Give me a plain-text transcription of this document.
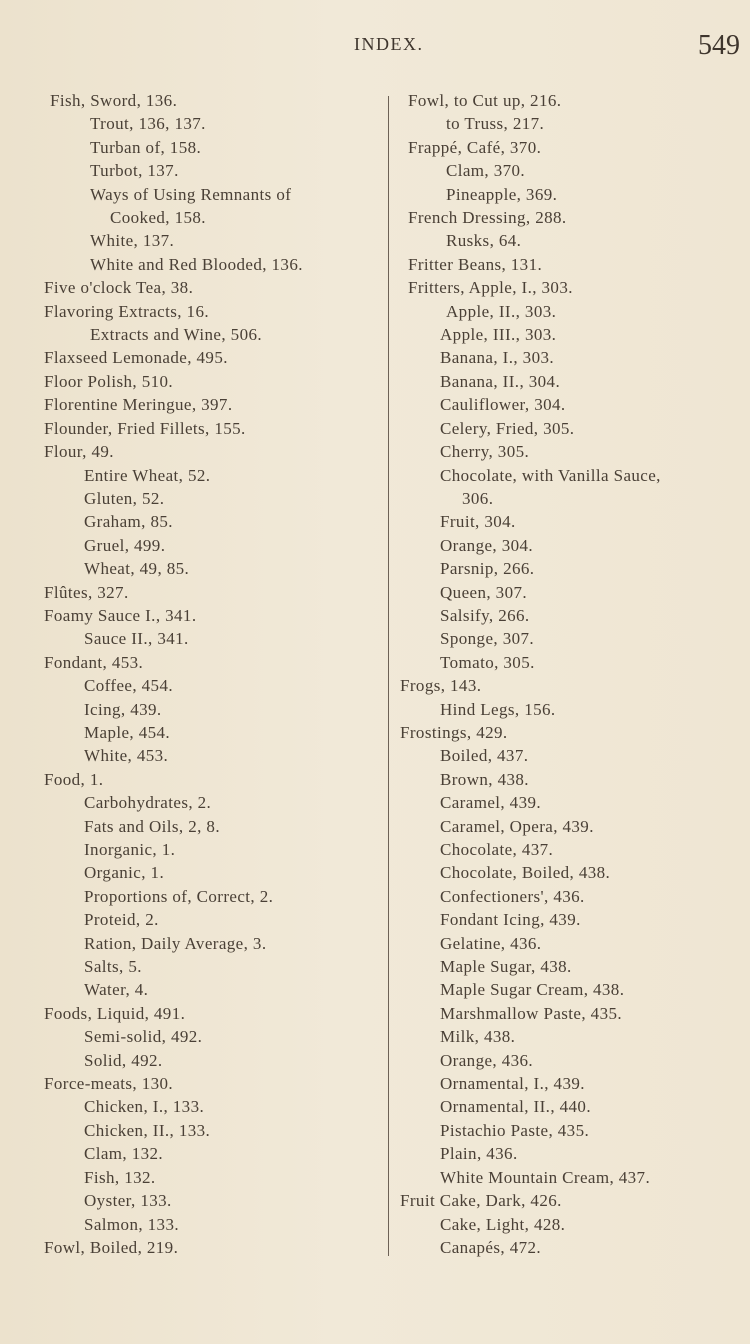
INDEX.	549
Fish, Sword, 136.
Trout, 136, 137.
Turban of, 158.
Turbot, 137.
Ways of Using Remnants of
Cooked, 158.
White, 137.
White and Red Blooded, 136.
Five o'clock Tea, 38.
Flavoring Extracts, 16.
Extracts and Wine, 506.
Flaxseed Lemonade, 495.
Floor Polish, 510.
Florentine Meringue, 397.
Flounder, Fried Fillets, 155.
Flour, 49.
Entire Wheat, 52.
Gluten, 52.
Graham, 85.
Gruel, 499.
Wheat, 49, 85.
Flûtes, 327.
Foamy Sauce I., 341.
Sauce II., 341.
Fondant, 453.
Coffee, 454.
Icing, 439.
Maple, 454.
White, 453.
Food, 1.
Carbohydrates, 2.
Fats and Oils, 2, 8.
Inorganic, 1.
Organic, 1.
Proportions of, Correct, 2.
Proteid, 2.
Ration, Daily Average, 3.
Salts, 5.
Water, 4.
Foods, Liquid, 491.
Semi-solid, 492.
Solid, 492.
Force-meats, 130.
Chicken, I., 133.
Chicken, II., 133.
Clam, 132.
Fish, 132.
Oyster, 133.
Salmon, 133.
Fowl, Boiled, 219.
Fowl, to Cut up, 216.
to Truss, 217.
Frappé, Café, 370.
Clam, 370.
Pineapple, 369.
French Dressing, 288.
Rusks, 64.
Fritter Beans, 131.
Fritters, Apple, I., 303.
Apple, II., 303.
Apple, III., 303.
Banana, I., 303.
Banana, II., 304.
Cauliflower, 304.
Celery, Fried, 305.
Cherry, 305.
Chocolate, with Vanilla Sauce,
306.
Fruit, 304.
Orange, 304.
Parsnip, 266.
Queen, 307.
Salsify, 266.
Sponge, 307.
Tomato, 305.
Frogs, 143.
Hind Legs, 156.
Frostings, 429.
Boiled, 437.
Brown, 438.
Caramel, 439.
Caramel, Opera, 439.
Chocolate, 437.
Chocolate, Boiled, 438.
Confectioners', 436.
Fondant Icing, 439.
Gelatine, 436.
Maple Sugar, 438.
Maple Sugar Cream, 438.
Marshmallow Paste, 435.
Milk, 438.
Orange, 436.
Ornamental, I., 439.
Ornamental, II., 440.
Pistachio Paste, 435.
Plain, 436.
White Mountain Cream, 437.
Fruit Cake, Dark, 426.
Cake, Light, 428.
Canapés, 472.
